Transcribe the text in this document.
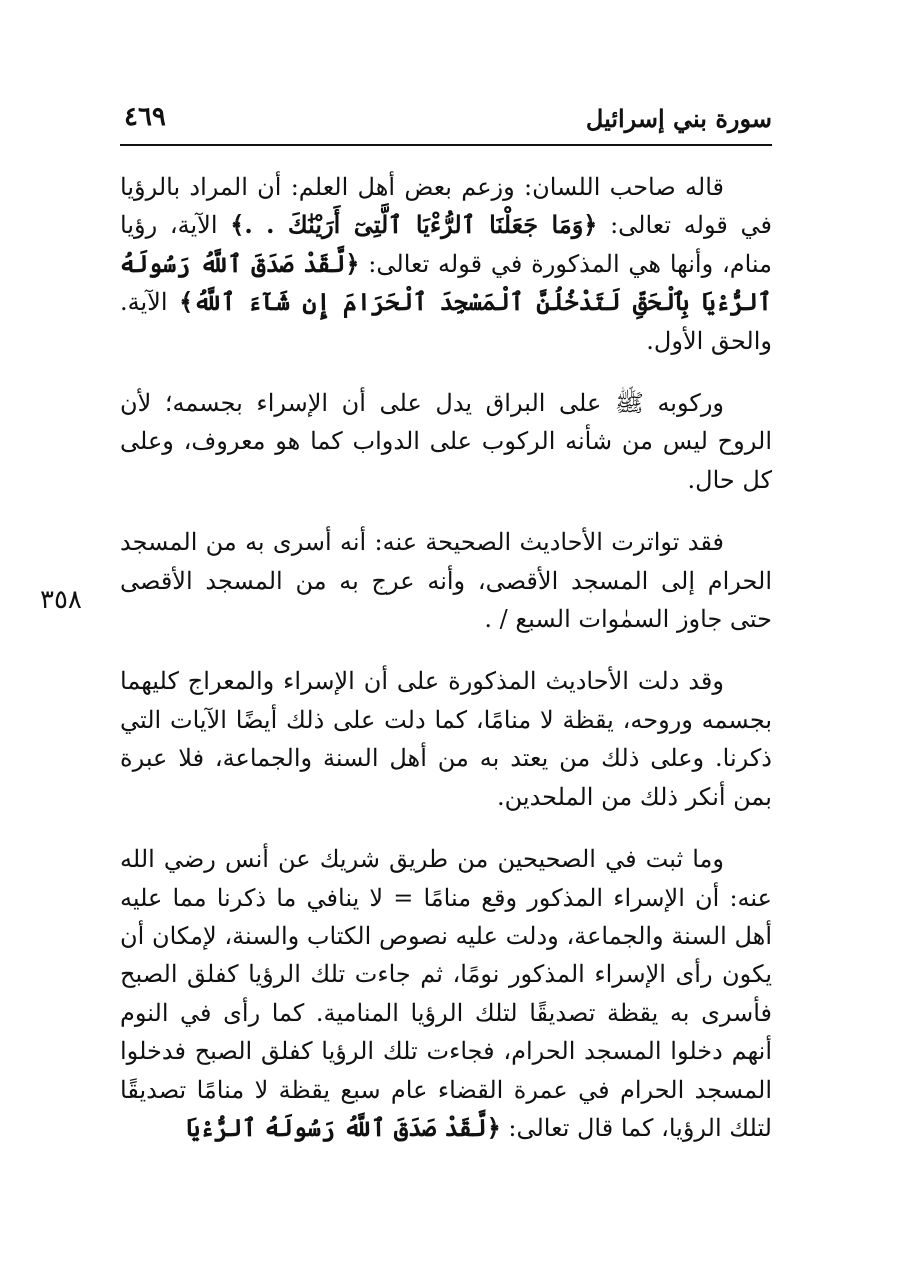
سورة بني إسرائيل
٤٦٩
٣٥٨

قاله صاحب اللسان: وزعم بعض أهل العلم: أن المراد بالرؤيا في قوله تعالى: ﴿وَمَا جَعَلْنَا ٱلرُّءْيَا ٱلَّتِىٓ أَرَيْنَٰكَ . .﴾ الآية، رؤيا منام، وأنها هي المذكورة في قوله تعالى: ﴿لَّقَدْ صَدَقَ ٱللَّهُ رَسُولَهُ ٱلرُّءْيَا بِٱلْحَقِّ لَتَدْخُلُنَّ ٱلْمَسْجِدَ ٱلْحَرَامَ إِن شَآءَ ٱللَّهُ﴾ الآية. والحق الأول.

وركوبه ﷺ على البراق يدل على أن الإسراء بجسمه؛ لأن الروح ليس من شأنه الركوب على الدواب كما هو معروف، وعلى كل حال.

فقد تواترت الأحاديث الصحيحة عنه: أنه أسرى به من المسجد الحرام إلى المسجد الأقصى، وأنه عرج به من المسجد الأقصى حتى جاوز السمٰوات السبع / .

وقد دلت الأحاديث المذكورة على أن الإسراء والمعراج كليهما بجسمه وروحه، يقظة لا منامًا، كما دلت على ذلك أيضًا الآيات التي ذكرنا. وعلى ذلك من يعتد به من أهل السنة والجماعة، فلا عبرة بمن أنكر ذلك من الملحدين.

وما ثبت في الصحيحين من طريق شريك عن أنس رضي الله عنه: أن الإسراء المذكور وقع منامًا = لا ينافي ما ذكرنا مما عليه أهل السنة والجماعة، ودلت عليه نصوص الكتاب والسنة، لإمكان أن يكون رأى الإسراء المذكور نومًا، ثم جاءت تلك الرؤيا كفلق الصبح فأسرى به يقظة تصديقًا لتلك الرؤيا المنامية. كما رأى في النوم أنهم دخلوا المسجد الحرام، فجاءت تلك الرؤيا كفلق الصبح فدخلوا المسجد الحرام في عمرة القضاء عام سبع يقظة لا منامًا تصديقًا لتلك الرؤيا، كما قال تعالى: ﴿لَّقَدْ صَدَقَ ٱللَّهُ رَسُولَهُ ٱلرُّءْيَا
